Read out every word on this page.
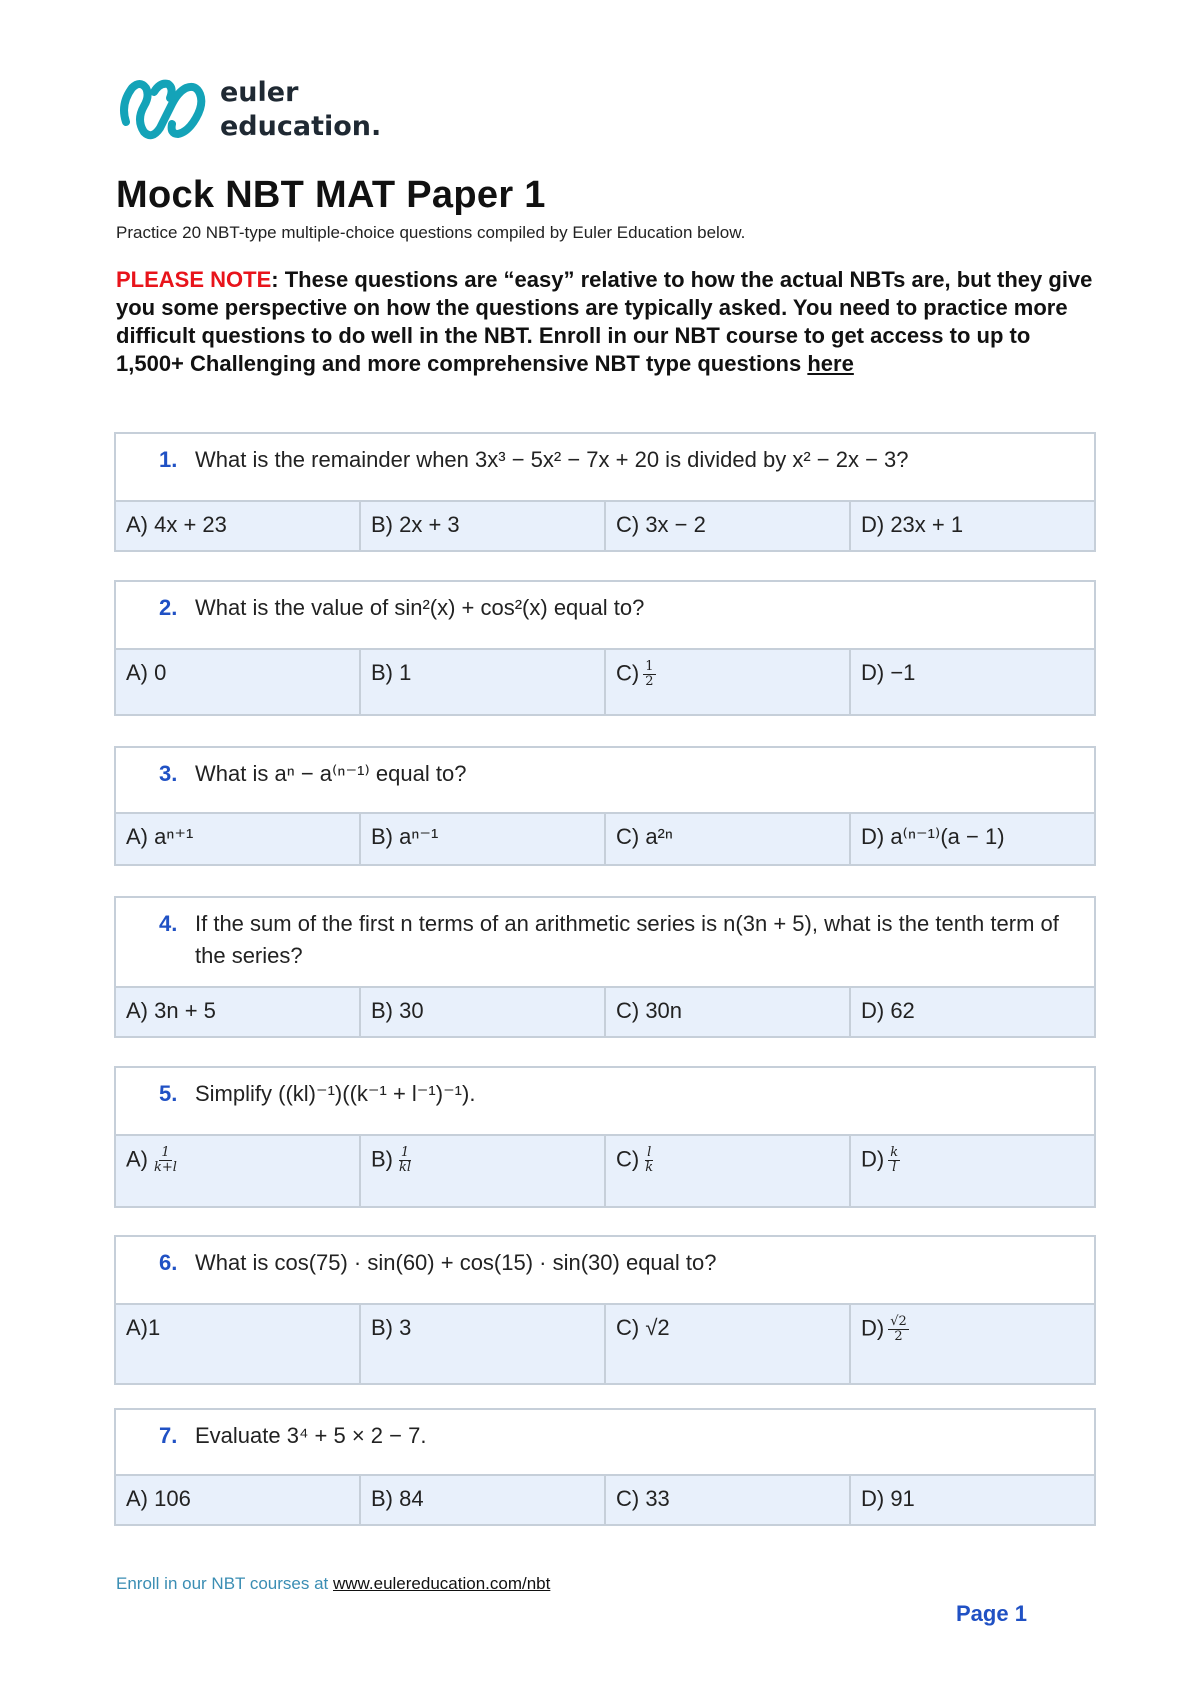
euler
education.
Mock NBT MAT Paper 1
Practice 20 NBT-type multiple-choice questions compiled by Euler Education below.

PLEASE NOTE: These questions are “easy” relative to how the actual NBTs are, but they give you some perspective on how the questions are typically asked. You need to practice more difficult questions to do well in the NBT. Enroll in our NBT course to get access to up to 1,500+ Challenging and more comprehensive NBT type questions here

1. What is the remainder when 3x³ − 5x² − 7x + 20 is divided by x² − 2x − 3?
A) 4x + 23	B) 2x + 3	C) 3x − 2	D) 23x + 1
2. What is the value of sin²(x) + cos²(x) equal to?
A) 0	B) 1	$C) \frac{1}{2}$	D) −1
3. What is aⁿ − a⁽ⁿ⁻¹⁾ equal to?
A) aⁿ⁺¹	B) aⁿ⁻¹	C) a²ⁿ	D) a⁽ⁿ⁻¹⁾(a − 1)
4. If the sum of the first n terms of an arithmetic series is n(3n + 5), what is the tenth term of the series?
A) 3n + 5	B) 30	C) 30n	D) 62
5. Simplify ((kl)⁻¹)((k⁻¹ + l⁻¹)⁻¹).
$A) \frac{1}{k+l}$	$B) \frac{1}{kl}$	$C) \frac{l}{k}$	$D) \frac{k}{l}$
6. What is cos(75) · sin(60) + cos(15) · sin(30) equal to?
A)1	B) 3	C) √2	$D) \frac{√2}{2}$
7. Evaluate 3⁴ + 5 × 2 − 7.
A) 106	B) 84	C) 33	D) 91
Enroll in our NBT courses at www.eulereducation.com/nbt
Page 1
